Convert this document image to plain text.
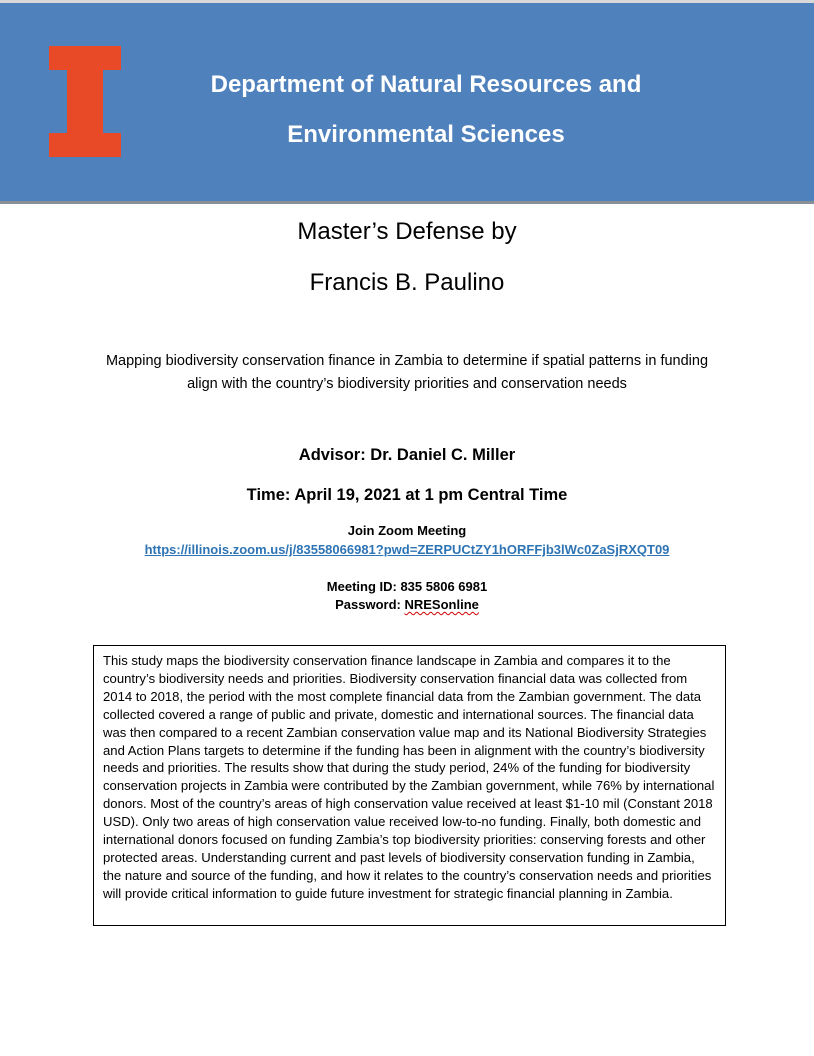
Department of Natural Resources and
Environmental Sciences
Master’s Defense by
Francis B. Paulino
Mapping biodiversity conservation finance in Zambia to determine if spatial patterns in funding align with the country’s biodiversity priorities and conservation needs
Advisor: Dr. Daniel C. Miller
Time: April 19, 2021 at 1 pm Central Time
Join Zoom Meeting
https://illinois.zoom.us/j/83558066981?pwd=ZERPUCtZY1hORFFjb3lWc0ZaSjRXQT09
Meeting ID: 835 5806 6981
Password: NRESonline
This study maps the biodiversity conservation finance landscape in Zambia and compares it to the country’s biodiversity needs and priorities. Biodiversity conservation financial data was collected from 2014 to 2018, the period with the most complete financial data from the Zambian government. The data collected covered a range of public and private, domestic and international sources. The financial data was then compared to a recent Zambian conservation value map and its National Biodiversity Strategies and Action Plans targets to determine if the funding has been in alignment with the country’s biodiversity needs and priorities. The results show that during the study period, 24% of the funding for biodiversity conservation projects in Zambia were contributed by the Zambian government, while 76% by international donors. Most of the country’s areas of high conservation value received at least $1-10 mil (Constant 2018 USD). Only two areas of high conservation value received low-to-no funding. Finally, both domestic and international donors focused on funding Zambia’s top biodiversity priorities: conserving forests and other protected areas. Understanding current and past levels of biodiversity conservation funding in Zambia, the nature and source of the funding, and how it relates to the country’s conservation needs and priorities will provide critical information to guide future investment for strategic financial planning in Zambia.
